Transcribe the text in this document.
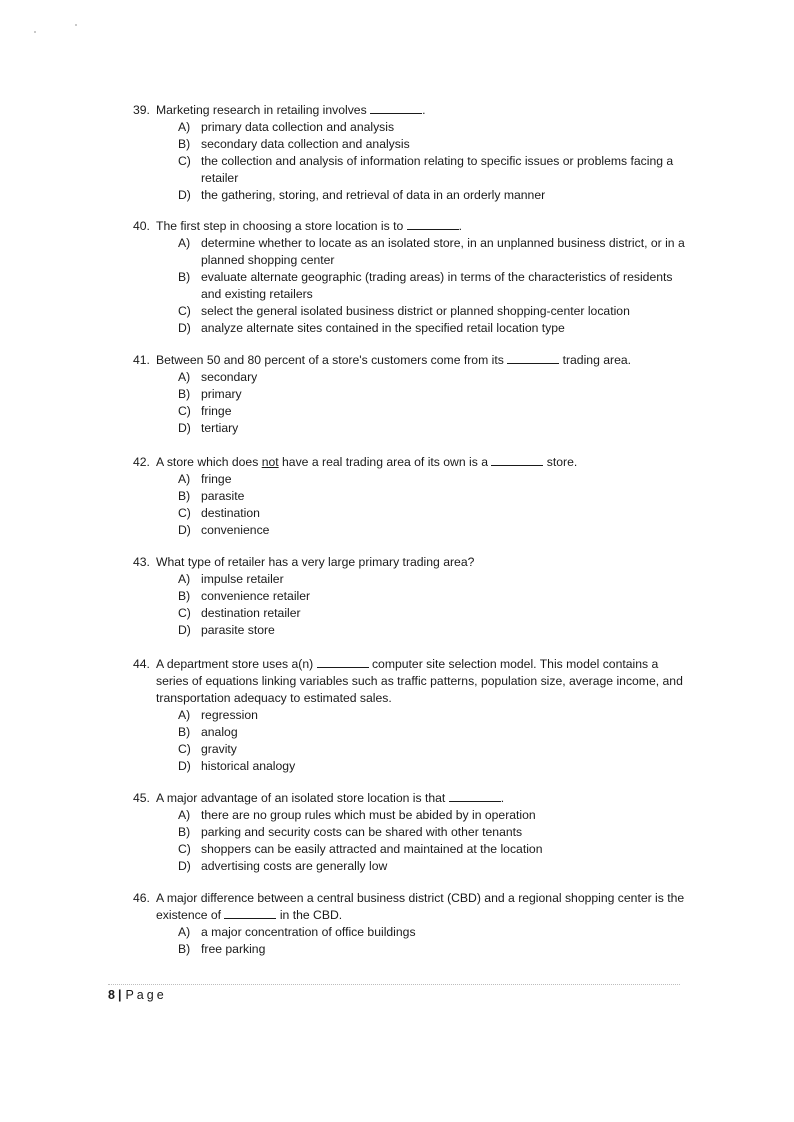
39. Marketing research in retailing involves	.
A) primary data collection and analysis
B) secondary data collection and analysis
C) the collection and analysis of information relating to specific issues or problems facing a retailer
D) the gathering, storing, and retrieval of data in an orderly manner
40. The first step in choosing a store location is to	.
A) determine whether to locate as an isolated store, in an unplanned business district, or in a planned shopping center
B) evaluate alternate geographic (trading areas) in terms of the characteristics of residents and existing retailers
C) select the general isolated business district or planned shopping-center location
D) analyze alternate sites contained in the specified retail location type
41. Between 50 and 80 percent of a store's customers come from its	trading area.
A) secondary
B) primary
C) fringe
D) tertiary
42. A store which does not have a real trading area of its own is a	store.
A) fringe
B) parasite
C) destination
D) convenience
43. What type of retailer has a very large primary trading area?
A) impulse retailer
B) convenience retailer
C) destination retailer
D) parasite store
44. A department store uses a(n)	computer site selection model. This model contains a series of equations linking variables such as traffic patterns, population size, average income, and transportation adequacy to estimated sales.
A) regression
B) analog
C) gravity
D) historical analogy
45. A major advantage of an isolated store location is that	.
A) there are no group rules which must be abided by in operation
B) parking and security costs can be shared with other tenants
C) shoppers can be easily attracted and maintained at the location
D) advertising costs are generally low
46. A major difference between a central business district (CBD) and a regional shopping center is the existence of	in the CBD.
A) a major concentration of office buildings
B) free parking
8 | Page
